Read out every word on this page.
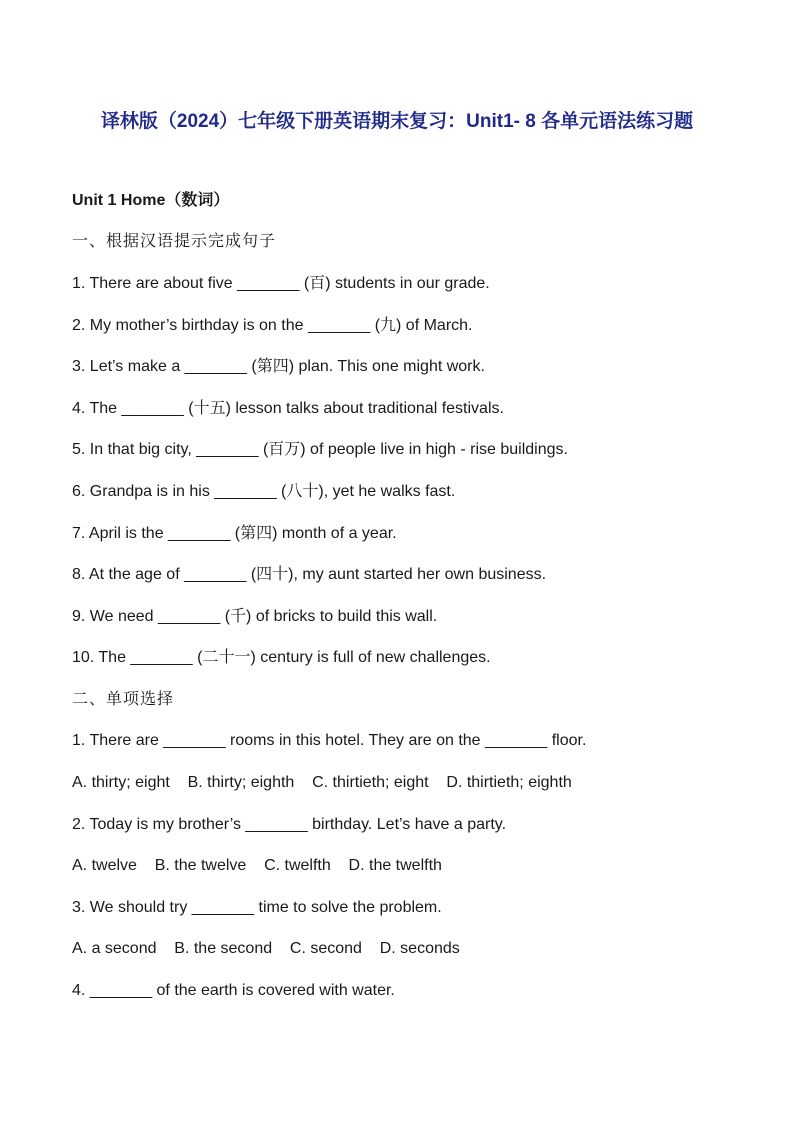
译林版（2024）七年级下册英语期末复习：Unit1- 8 各单元语法练习题
Unit 1 Home（数词）
一、根据汉语提示完成句子
1. There are about five _______ (百) students in our grade.
2. My mother’s birthday is on the _______ (九) of March.
3. Let’s make a _______ (第四) plan. This one might work.
4. The _______ (十五) lesson talks about traditional festivals.
5. In that big city, _______ (百万) of people live in high - rise buildings.
6. Grandpa is in his _______ (八十), yet he walks fast.
7. April is the _______ (第四) month of a year.
8. At the age of _______ (四十), my aunt started her own business.
9. We need _______ (千) of bricks to build this wall.
10. The _______ (二十一) century is full of new challenges.
二、单项选择
1. There are _______ rooms in this hotel. They are on the _______ floor.
A. thirty; eight    B. thirty; eighth    C. thirtieth; eight    D. thirtieth; eighth
2. Today is my brother’s _______ birthday. Let’s have a party.
A. twelve    B. the twelve    C. twelfth    D. the twelfth
3. We should try _______ time to solve the problem.
A. a second    B. the second    C. second    D. seconds
4. _______ of the earth is covered with water.
